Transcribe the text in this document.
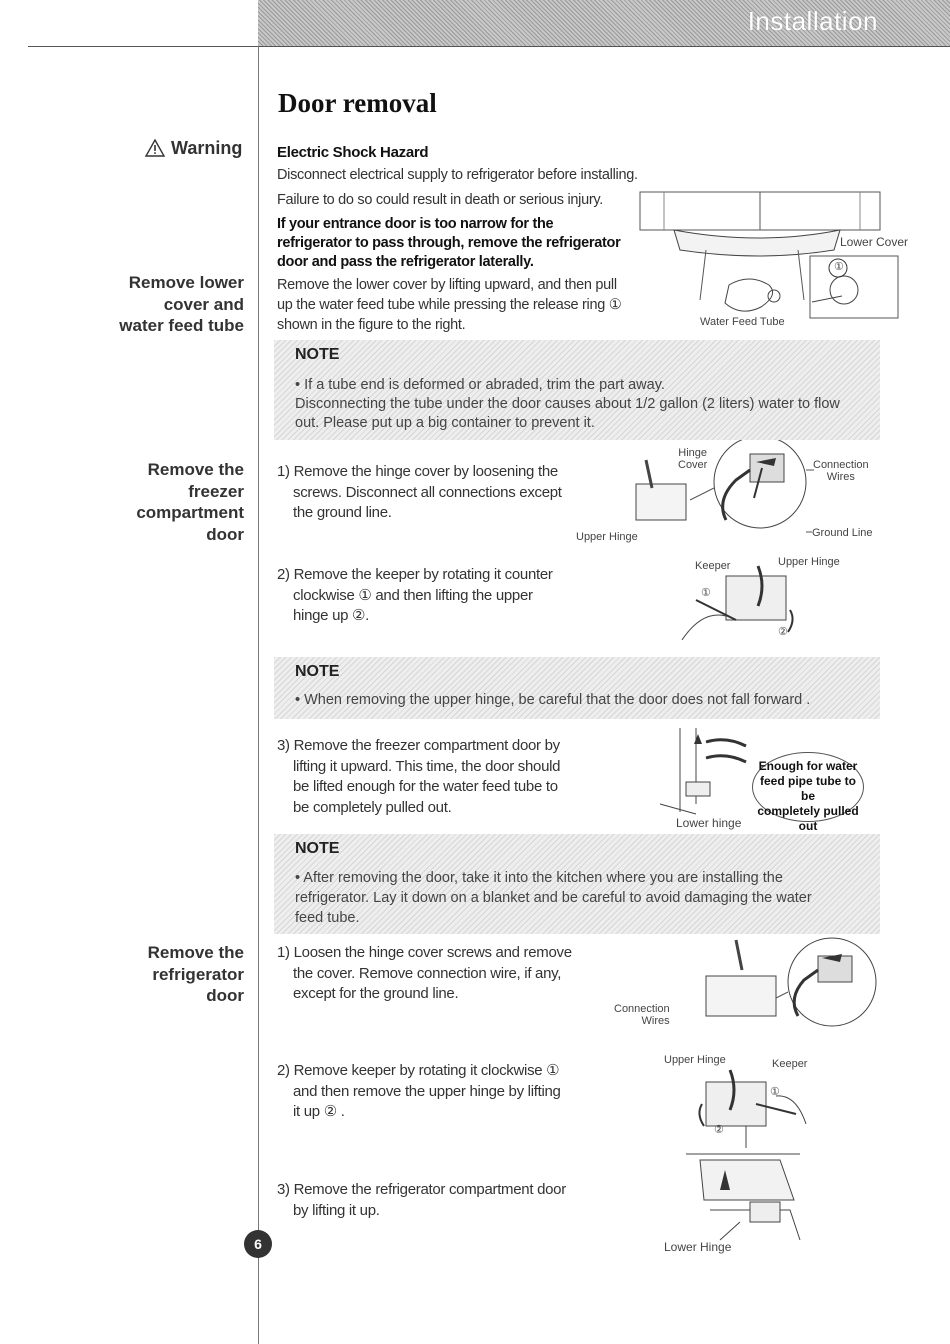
Installation
Door removal
Warning Electric Shock Hazard
Disconnect electrical supply to refrigerator before installing.
Failure to do so could result in death or serious injury.
If your entrance door is too narrow for the
refrigerator to pass through, remove the refrigerator
door and pass the refrigerator laterally.
Remove lower
cover and
water feed tube
Remove the lower cover by lifting upward, and then pull
up the water feed tube while pressing the release ring ①
shown in the figure to the right.
Lower Cover
①
Water Feed Tube
NOTE
• If a tube end is deformed or abraded, trim the part away.
Disconnecting the tube under the door causes about 1/2 gallon (2 liters) water to flow
out. Please put up a big container to prevent it.
Remove the
freezer
compartment
door
1) Remove the hinge cover by loosening the
screws. Disconnect all connections except
the ground line.
Hinge
Cover	Connection
Wires
Ground Line
Upper Hinge
2) Remove the keeper by rotating it counter
clockwise ① and then lifting the upper
hinge up ②.
Keeper	Upper Hinge
①
②
NOTE
• When removing the upper hinge, be careful that the door does not fall forward .
3) Remove the freezer compartment door by
lifting it upward. This time, the door should
be lifted enough for the water feed tube to
be completely pulled out.
Enough for water
feed pipe tube to be
completely pulled out
Lower hinge
NOTE
• After removing the door, take it into the kitchen where you are installing the
refrigerator. Lay it down on a blanket and be careful to avoid damaging the water
feed tube.
Remove the
refrigerator
door
1) Loosen the hinge cover screws and remove
the cover. Remove connection wire, if any,
except for the ground line.
Connection
Wires
2) Remove keeper by rotating it clockwise ①
and then remove the upper hinge by lifting
it up ② .
Upper Hinge	Keeper
①
②
3) Remove the refrigerator compartment door
by lifting it up.
Lower Hinge
6
